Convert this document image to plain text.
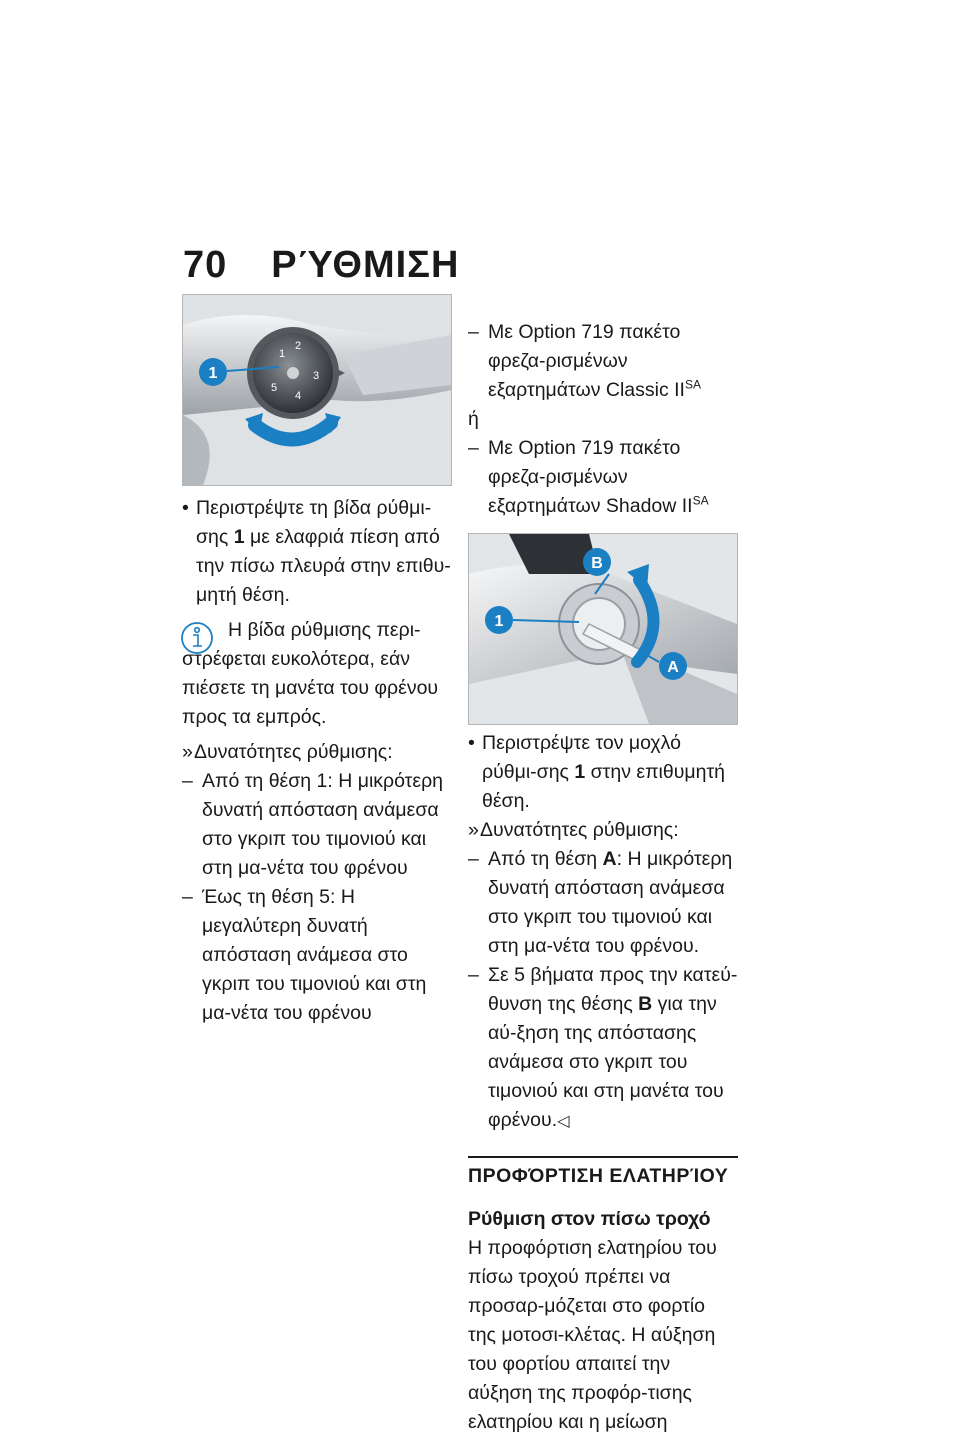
70 ΡΎΘΜΙΣΗ
1
2
3
4
5
1

• Περιστρέψτε τη βίδα ρύθμι-σης 1 με ελαφριά πίεση από την πίσω πλευρά στην επιθυ-μητή θέση.

Η βίδα ρύθμισης περι-στρέφεται ευκολότερα, εάν πιέσετε τη μανέτα του φρένου προς τα εμπρός.

» Δυνατότητες ρύθμισης:

– Από τη θέση 1: Η μικρότερη δυνατή απόσταση ανάμεσα στο γκριπ του τιμονιού και στη μα-νέτα του φρένου

– Έως τη θέση 5: Η μεγαλύτερη δυνατή απόσταση ανάμεσα στο γκριπ του τιμονιού και στη μα-νέτα του φρένου

– Με Option 719 πακέτο φρεζα-ρισμένων εξαρτημάτων Classic $II^{SA}$

ή

– Με Option 719 πακέτο φρεζα-ρισμένων εξαρτημάτων Shadow $II^{SA}$

1
B
A

• Περιστρέψτε τον μοχλό ρύθμι-σης 1 στην επιθυμητή θέση.

» Δυνατότητες ρύθμισης:

– Από τη θέση A: Η μικρότερη δυνατή απόσταση ανάμεσα στο γκριπ του τιμονιού και στη μα-νέτα του φρένου.

– Σε 5 βήματα προς την κατεύ-θυνση της θέσης B για την αύ-ξηση της απόστασης ανάμεσα στο γκριπ του τιμονιού και στη μανέτα του φρένου.◁

ΠΡΟΦΌΡΤΙΣΗ ΕΛΑΤΗΡΊΟΥ

Ρύθμιση στον πίσω τροχό

Η προφόρτιση ελατηρίου του πίσω τροχού πρέπει να προσαρ-μόζεται στο φορτίο της μοτοσι-κλέτας. Η αύξηση του φορτίου απαιτεί την αύξηση της προφόρ-τισης ελατηρίου και η μείωση
